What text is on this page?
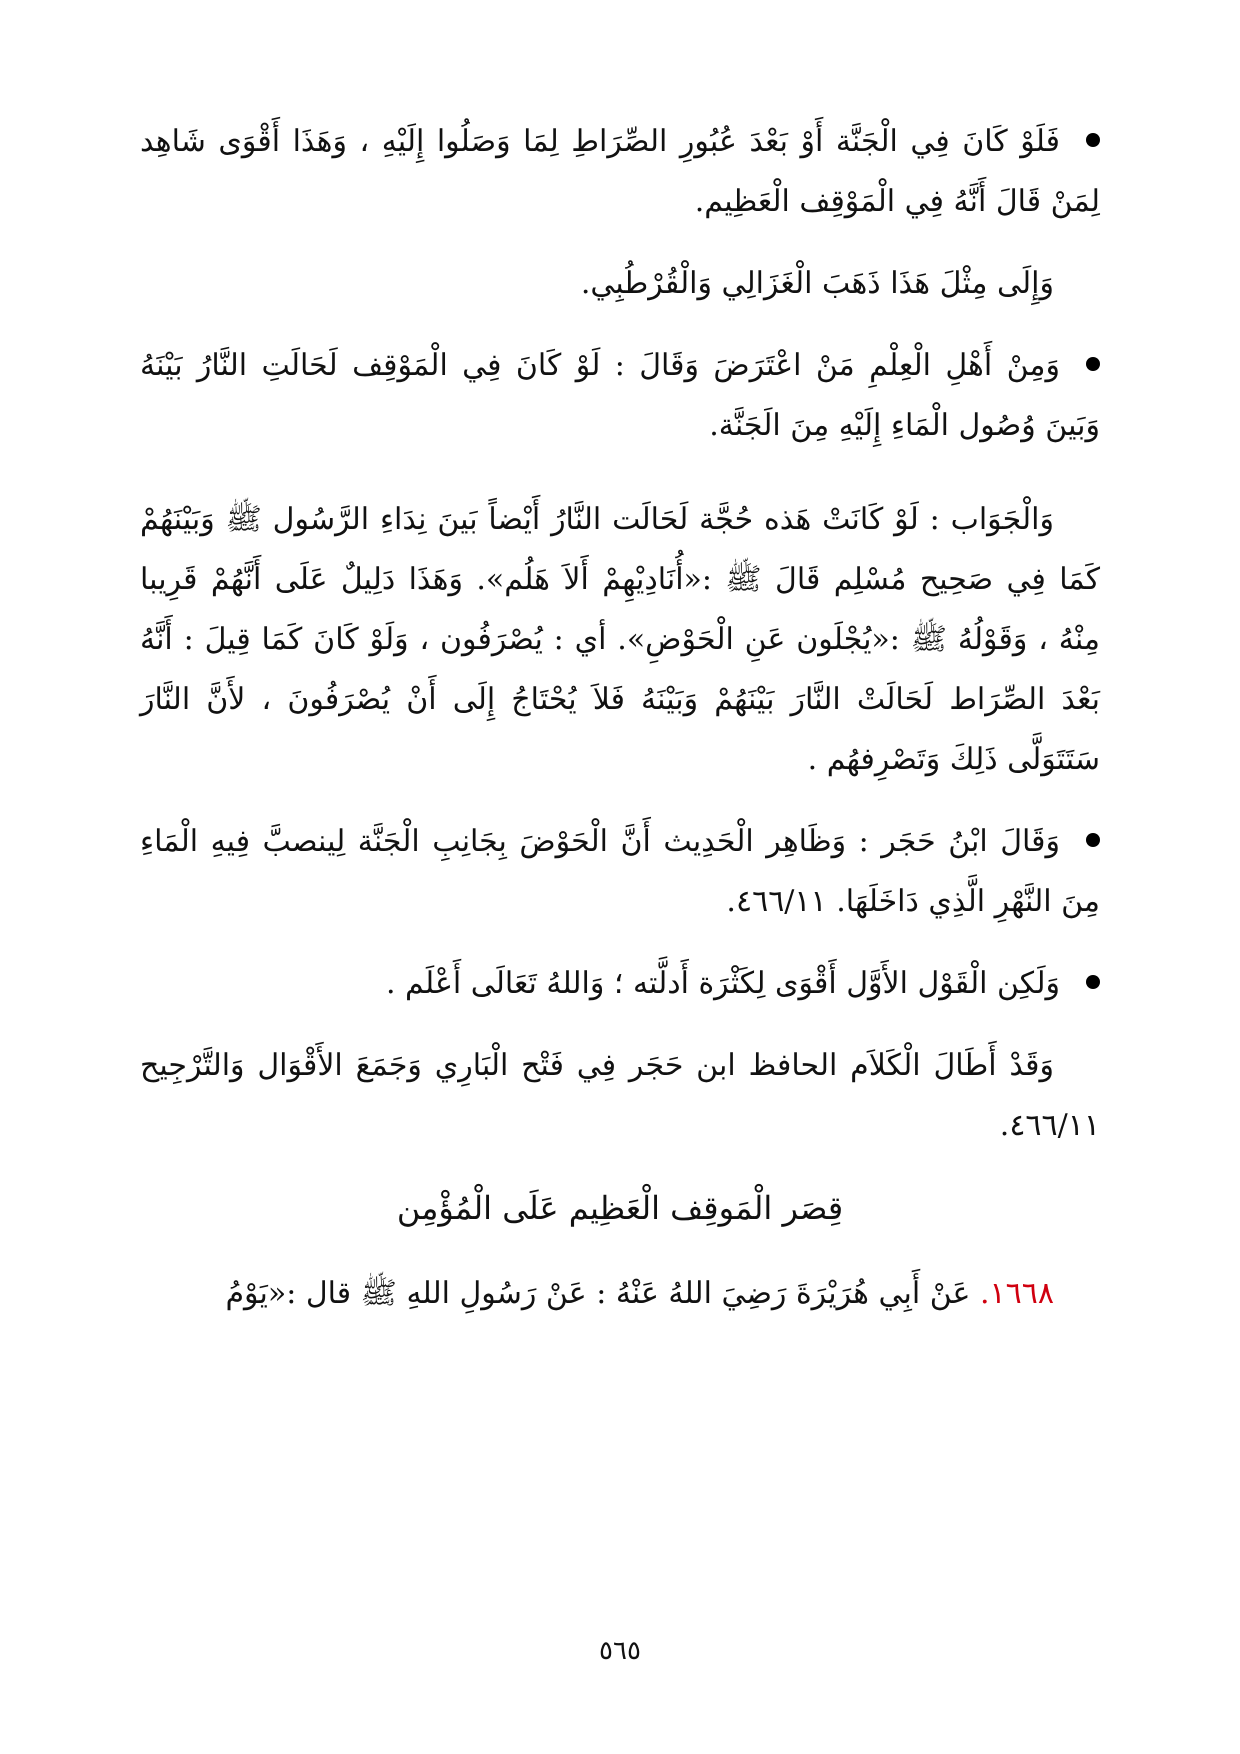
فَلَوْ كَانَ فِي الْجَنَّة أَوْ بَعْدَ عُبُورِ الصِّرَاطِ لِمَا وَصَلُوا إِلَيْهِ ، وَهَذَا أَقْوَى شَاهِد لِمَنْ قَالَ أَنَّهُ فِي الْمَوْقِف الْعَظِيم.

وَإِلَى مِثْلَ هَذَا ذَهَبَ الْغَزَالِي وَالْقُرْطُبِي.

وَمِنْ أَهْلِ الْعِلْمِ مَنْ اعْتَرَضَ وَقَالَ : لَوْ كَانَ فِي الْمَوْقِف لَحَالَتِ النَّارُ بَيْنَهُ وَبَينَ وُصُول الْمَاءِ إِلَيْهِ مِنَ الَجَنَّة.

وَالْجَوَاب : لَوْ كَانَتْ هَذه حُجَّة لَحَالَت النَّارُ أَيْضاً بَينَ نِدَاءِ الرَّسُول ﷺ وَبَيْنَهُمْ كَمَا فِي صَحِيح مُسْلِم قَالَ ﷺ :«أُنَادِيْهِمْ أَلاَ هَلُم». وَهَذَا دَلِيلٌ عَلَى أَنَّهُمْ قَرِيبا مِنْهُ ، وَقَوْلُهُ ﷺ :«يُجْلَون عَنِ الْحَوْضِ». أي : يُصْرَفُون ، وَلَوْ كَانَ كَمَا قِيلَ : أَنَّهُ بَعْدَ الصِّرَاط لَحَالَتْ النَّارَ بَيْنَهُمْ وَبَيْنَهُ فَلاَ يُحْتَاجُ إِلَى أَنْ يُصْرَفُونَ ، لأَنَّ النَّارَ سَتَتَوَلَّى ذَلِكَ وَتَصْرِفهُم .

وَقَالَ ابْنُ حَجَر : وَظَاهِر الْحَدِيث أَنَّ الْحَوْضَ بِجَانِبِ الْجَنَّة لِينصبَّ فِيهِ الْمَاءِ مِنَ النَّهْرِ الَّذِي دَاخَلَهَا. ٤٦٦/١١.

وَلَكِن الْقَوْل الأَوَّل أَقْوَى لِكَثْرَة أَدلَّته ؛ وَاللهُ تَعَالَى أَعْلَم .

وَقَدْ أَطَالَ الْكَلاَم الحافظ ابن حَجَر فِي فَتْح الْبَارِي وَجَمَعَ الأَقْوَال وَالتَّرْجِيح ٤٦٦/١١.

قِصَر الْمَوقِف الْعَظِيم عَلَى الْمُؤْمِن

١٦٦٨. عَنْ أَبِي هُرَيْرَةَ رَضِيَ اللهُ عَنْهُ : عَنْ رَسُولِ اللهِ ﷺ قال :«يَوْمُ

٥٦٥
